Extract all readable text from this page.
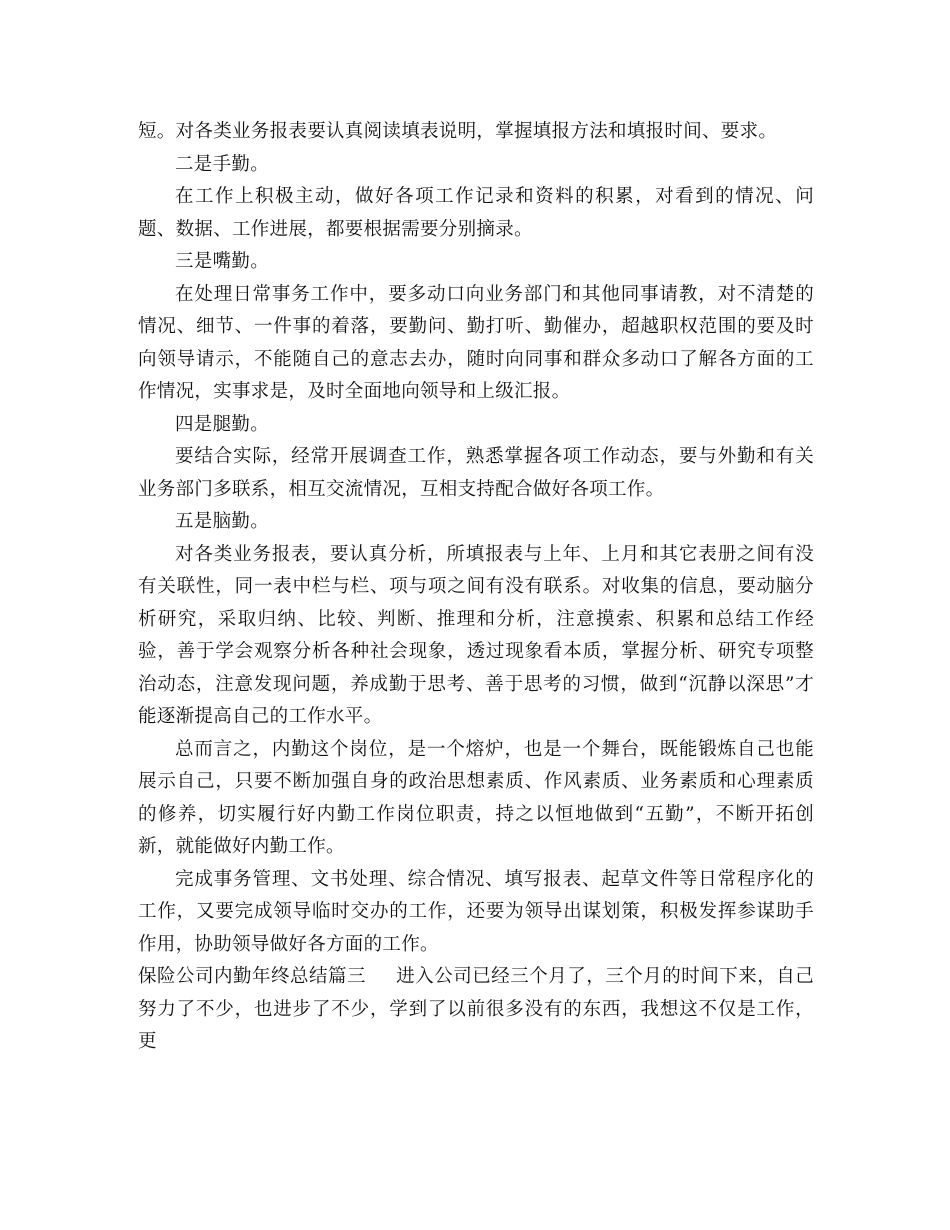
短。对各类业务报表要认真阅读填表说明，掌握填报方法和填报时间、要求。

二是手勤。

在工作上积极主动，做好各项工作记录和资料的积累，对看到的情况、问题、数据、工作进展，都要根据需要分别摘录。

三是嘴勤。

在处理日常事务工作中，要多动口向业务部门和其他同事请教，对不清楚的情况、细节、一件事的着落，要勤问、勤打听、勤催办，超越职权范围的要及时向领导请示，不能随自己的意志去办，随时向同事和群众多动口了解各方面的工作情况，实事求是，及时全面地向领导和上级汇报。

四是腿勤。

要结合实际，经常开展调查工作，熟悉掌握各项工作动态，要与外勤和有关业务部门多联系，相互交流情况，互相支持配合做好各项工作。

五是脑勤。

对各类业务报表，要认真分析，所填报表与上年、上月和其它表册之间有没有关联性，同一表中栏与栏、项与项之间有没有联系。对收集的信息，要动脑分析研究，采取归纳、比较、判断、推理和分析，注意摸索、积累和总结工作经验，善于学会观察分析各种社会现象，透过现象看本质，掌握分析、研究专项整治动态，注意发现问题，养成勤于思考、善于思考的习惯，做到“沉静以深思”才能逐渐提高自己的工作水平。

总而言之，内勤这个岗位，是一个熔炉，也是一个舞台，既能锻炼自己也能展示自己，只要不断加强自身的政治思想素质、作风素质、业务素质和心理素质的修养，切实履行好内勤工作岗位职责，持之以恒地做到“五勤”，不断开拓创新，就能做好内勤工作。

完成事务管理、文书处理、综合情况、填写报表、起草文件等日常程序化的工作，又要完成领导临时交办的工作，还要为领导出谋划策，积极发挥参谋助手作用，协助领导做好各方面的工作。

保险公司内勤年终总结篇三 进入公司已经三个月了，三个月的时间下来，自己努力了不少，也进步了不少，学到了以前很多没有的东西，我想这不仅是工作，更
